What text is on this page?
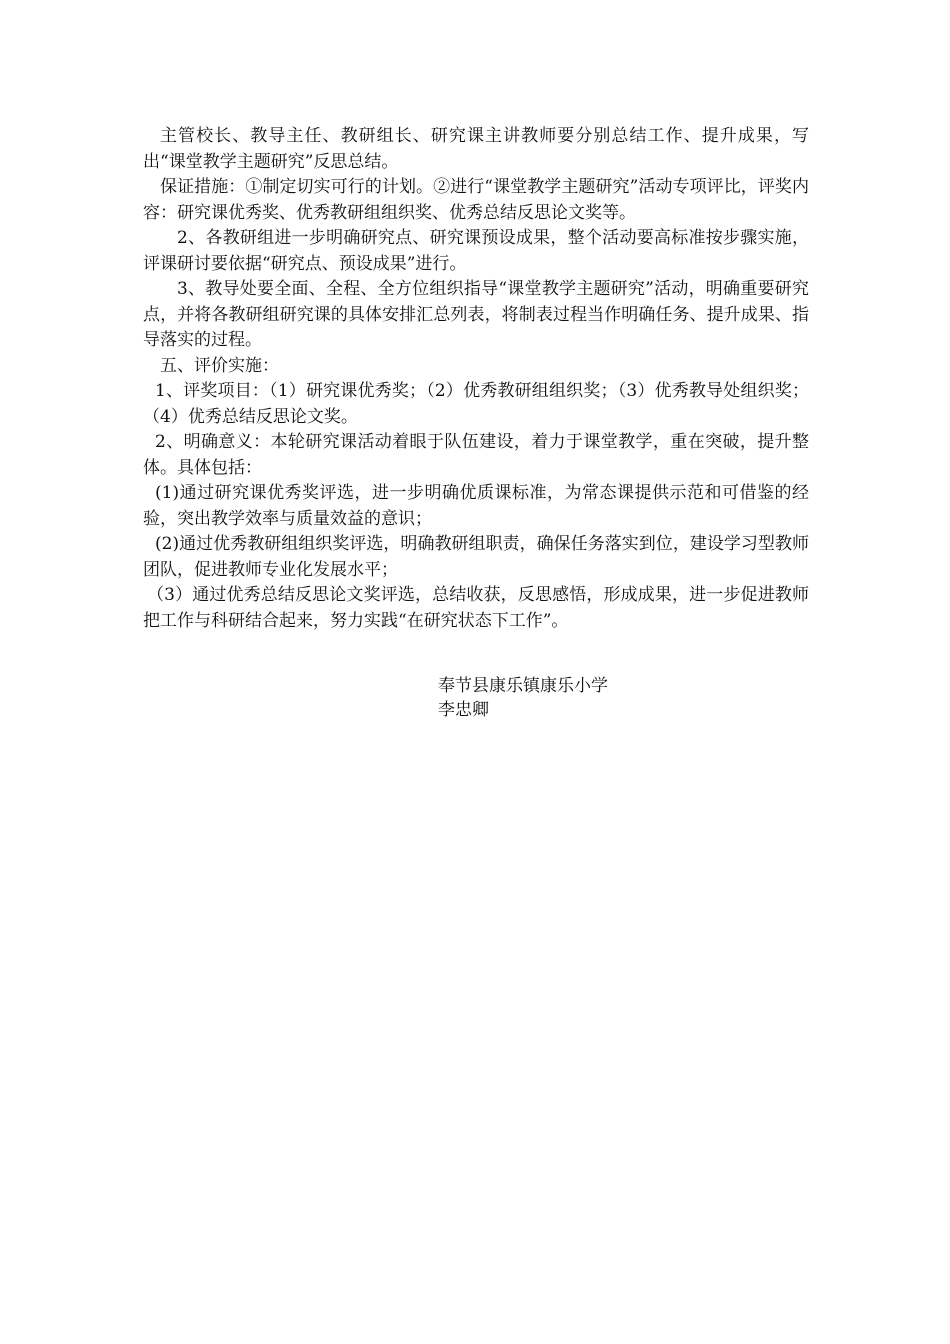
主管校长、教导主任、教研组长、研究课主讲教师要分别总结工作、提升成果，写出“课堂教学主题研究”反思总结。

保证措施：①制定切实可行的计划。②进行“课堂教学主题研究”活动专项评比，评奖内容：研究课优秀奖、优秀教研组组织奖、优秀总结反思论文奖等。

2、各教研组进一步明确研究点、研究课预设成果，整个活动要高标准按步骤实施，评课研讨要依据“研究点、预设成果”进行。

3、教导处要全面、全程、全方位组织指导“课堂教学主题研究”活动，明确重要研究点，并将各教研组研究课的具体安排汇总列表，将制表过程当作明确任务、提升成果、指导落实的过程。

五、评价实施：

1、评奖项目：（1）研究课优秀奖；（2）优秀教研组组织奖；（3）优秀教导处组织奖；（4）优秀总结反思论文奖。

2、明确意义：本轮研究课活动着眼于队伍建设，着力于课堂教学，重在突破，提升整体。具体包括：

(1)通过研究课优秀奖评选，进一步明确优质课标准，为常态课提供示范和可借鉴的经验，突出教学效率与质量效益的意识；

(2)通过优秀教研组组织奖评选，明确教研组职责，确保任务落实到位，建设学习型教师团队，促进教师专业化发展水平；

（3）通过优秀总结反思论文奖评选，总结收获，反思感悟，形成成果，进一步促进教师把工作与科研结合起来，努力实践“在研究状态下工作”。

奉节县康乐镇康乐小学

李忠卿
